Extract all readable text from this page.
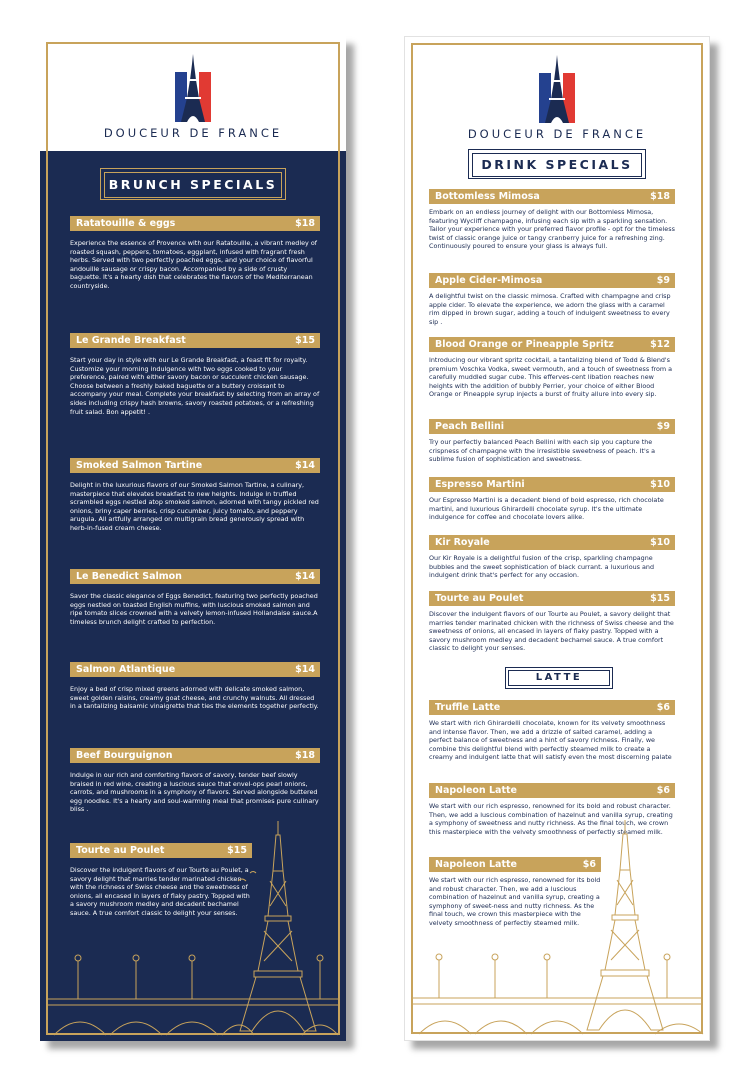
DOUCEUR DE FRANCE
BRUNCH SPECIALS
Ratatouille & eggs	$18
Experience the essence of Provence with our Ratatouille, a vibrant medley of roasted squash, peppers, tomatoes, eggplant, infused with fragrant fresh herbs. Served with two perfectly poached eggs, and your choice of flavorful andouille sausage or crispy bacon. Accompanied by a side of crusty baguette. It's a hearty dish that celebrates the flavors of the Mediterranean countryside.
Le Grande Breakfast	$15
Start your day in style with our Le Grande Breakfast, a feast fit for royalty. Customize your morning indulgence with two eggs cooked to your preference, paired with either savory bacon or succulent chicken sausage. Choose between a freshly baked baguette or a buttery croissant to accompany your meal. Complete your breakfast by selecting from an array of sides including crispy hash browns, savory roasted potatoes, or a refreshing fruit salad. Bon appetit! .
Smoked Salmon Tartine	$14
Delight in the luxurious flavors of our Smoked Salmon Tartine, a culinary, masterpiece that elevates breakfast to new heights. Indulge in truffled scrambled eggs nestled atop smoked salmon, adorned with tangy pickled red onions, briny caper berries, crisp cucumber, juicy tomato, and peppery arugula. All artfully arranged on multigrain bread generously spread with herb-in-fused cream cheese.
Le Benedict Salmon	$14
Savor the classic elegance of Eggs Benedict, featuring two perfectly poached eggs nestled on toasted English muffins, with luscious smoked salmon and ripe tomato slices crowned with a velvety lemon-infused Hollandaise sauce.A timeless brunch delight crafted to perfection.
Salmon Atlantique	$14
Enjoy a bed of crisp mixed greens adorned with delicate smoked salmon, sweet golden raisins, creamy goat cheese, and crunchy walnuts. All dressed in a tantalizing balsamic vinaigrette that ties the elements together perfectly.
Beef Bourguignon	$18
Indulge in our rich and comforting flavors of savory, tender beef slowly braised in red wine, creating a luscious sauce that envel-ops pearl onions, carrots, and mushrooms in a symphony of flavors. Served alongside buttered egg noodles. It's a hearty and soul-warming meal that promises pure culinary bliss .
Tourte au Poulet	$15
Discover the indulgent flavors of our Tourte au Poulet, a savory delight that marries tender marinated chicken with the richness of Swiss cheese and the sweetness of onions, all encased in layers of flaky pastry. Topped with a savory mushroom medley and decadent bechamel sauce. A true comfort classic to delight your senses.
DOUCEUR DE FRANCE
DRINK SPECIALS
Bottomless Mimosa	$18
Embark on an endless journey of delight with our Bottomless Mimosa, featuring Wycliff champagne, infusing each sip with a sparkling sensation. Tailor your experience with your preferred flavor profile - opt for the timeless twist of classic orange juice or tangy cranberry juice for a refreshing zing. Continuously poured to ensure your glass is always full.
Apple Cider-Mimosa	$9
A delightful twist on the classic mimosa. Crafted with champagne and crisp apple cider. To elevate the experience, we adorn the glass with a caramel rim dipped in brown sugar, adding a touch of indulgent sweetness to every sip .
Blood Orange or Pineapple Spritz	$12
Introducing our vibrant spritz cocktail, a tantalizing blend of Todd & Blend's premium Voschka Vodka, sweet vermouth, and a touch of sweetness from a carefully muddled sugar cube. This efferves-cent libation reaches new heights with the addition of bubbly Perrier, your choice of either Blood Orange or Pineapple syrup injects a burst of fruity allure into every sip.
Peach Bellini	$9
Try our perfectly balanced Peach Bellini with each sip you capture the crispness of champagne with the irresistible sweetness of peach. It's a sublime fusion of sophistication and sweetness.
Espresso Martini	$10
Our Espresso Martini is a decadent blend of bold espresso, rich chocolate martini, and luxurious Ghirardelli chocolate syrup. It's the ultimate indulgence for coffee and chocolate lovers alike.
Kir Royale	$10
Our Kir Royale is a delightful fusion of the crisp, sparkling champagne bubbles and the sweet sophistication of black currant. a luxurious and indulgent drink that's perfect for any occasion.
Tourte au Poulet	$15
Discover the indulgent flavors of our Tourte au Poulet, a savory delight that marries tender marinated chicken with the richness of Swiss cheese and the sweetness of onions, all encased in layers of flaky pastry. Topped with a savory mushroom medley and decadent bechamel sauce. A true comfort classic to delight your senses.
LATTE
Truffle Latte	$6
We start with rich Ghirardelli chocolate, known for its velvety smoothness and intense flavor. Then, we add a drizzle of salted caramel, adding a perfect balance of sweetness and a hint of savory richness. Finally, we combine this delightful blend with perfectly steamed milk to create a creamy and indulgent latte that will satisfy even the most discerning palate
Napoleon Latte	$6
We start with our rich espresso, renowned for its bold and robust character. Then, we add a luscious combination of hazelnut and vanilla syrup, creating a symphony of sweetness and nutty richness. As the final touch, we crown this masterpiece with the velvety smoothness of perfectly steamed milk.
Napoleon Latte	$6
We start with our rich espresso, renowned for its bold and robust character. Then, we add a luscious combination of hazelnut and vanilla syrup, creating a symphony of sweet-ness and nutty richness. As the final touch, we crown this masterpiece with the velvety smoothness of perfectly steamed milk.
